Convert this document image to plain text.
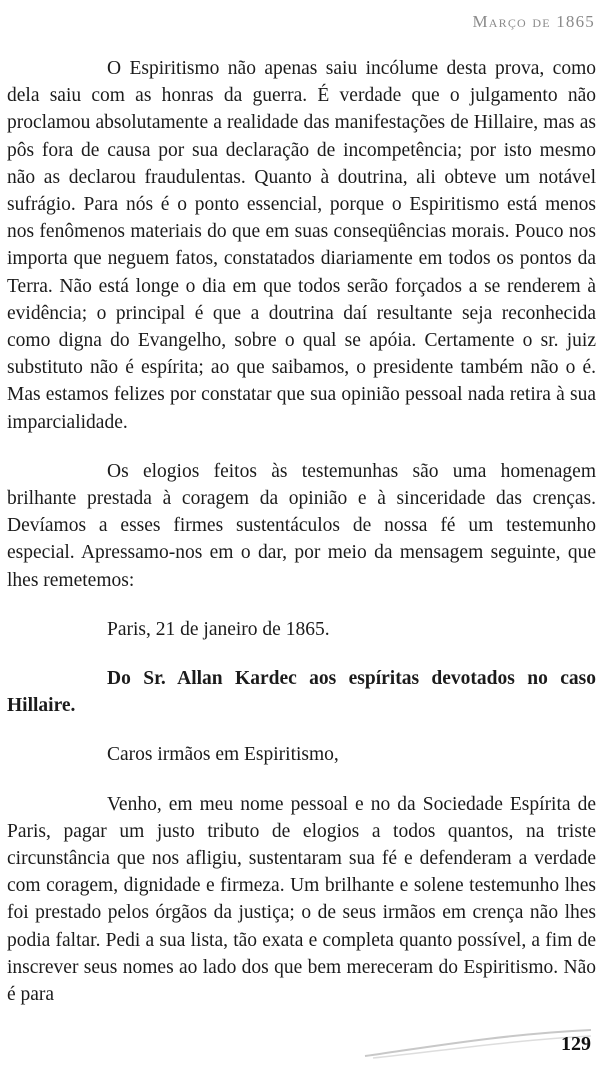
Março de 1865

O Espiritismo não apenas saiu incólume desta prova, como dela saiu com as honras da guerra. É verdade que o julgamento não proclamou absolutamente a realidade das manifestações de Hillaire, mas as pôs fora de causa por sua declaração de incompetência; por isto mesmo não as declarou fraudulentas. Quanto à doutrina, ali obteve um notável sufrágio. Para nós é o ponto essencial, porque o Espiritismo está menos nos fenômenos materiais do que em suas conseqüências morais. Pouco nos importa que neguem fatos, constatados diariamente em todos os pontos da Terra. Não está longe o dia em que todos serão forçados a se renderem à evidência; o principal é que a doutrina daí resultante seja reconhecida como digna do Evangelho, sobre o qual se apóia. Certamente o sr. juiz substituto não é espírita; ao que saibamos, o presidente também não o é. Mas estamos felizes por constatar que sua opinião pessoal nada retira à sua imparcialidade.

Os elogios feitos às testemunhas são uma homenagem brilhante prestada à coragem da opinião e à sinceridade das crenças. Devíamos a esses firmes sustentáculos de nossa fé um testemunho especial. Apressamo-nos em o dar, por meio da mensagem seguinte, que lhes remetemos:

Paris, 21 de janeiro de 1865.

Do Sr. Allan Kardec aos espíritas devotados no caso Hillaire.

Caros irmãos em Espiritismo,

Venho, em meu nome pessoal e no da Sociedade Espírita de Paris, pagar um justo tributo de elogios a todos quantos, na triste circunstância que nos afligiu, sustentaram sua fé e defenderam a verdade com coragem, dignidade e firmeza. Um brilhante e solene testemunho lhes foi prestado pelos órgãos da justiça; o de seus irmãos em crença não lhes podia faltar. Pedi a sua lista, tão exata e completa quanto possível, a fim de inscrever seus nomes ao lado dos que bem mereceram do Espiritismo. Não é para

129
